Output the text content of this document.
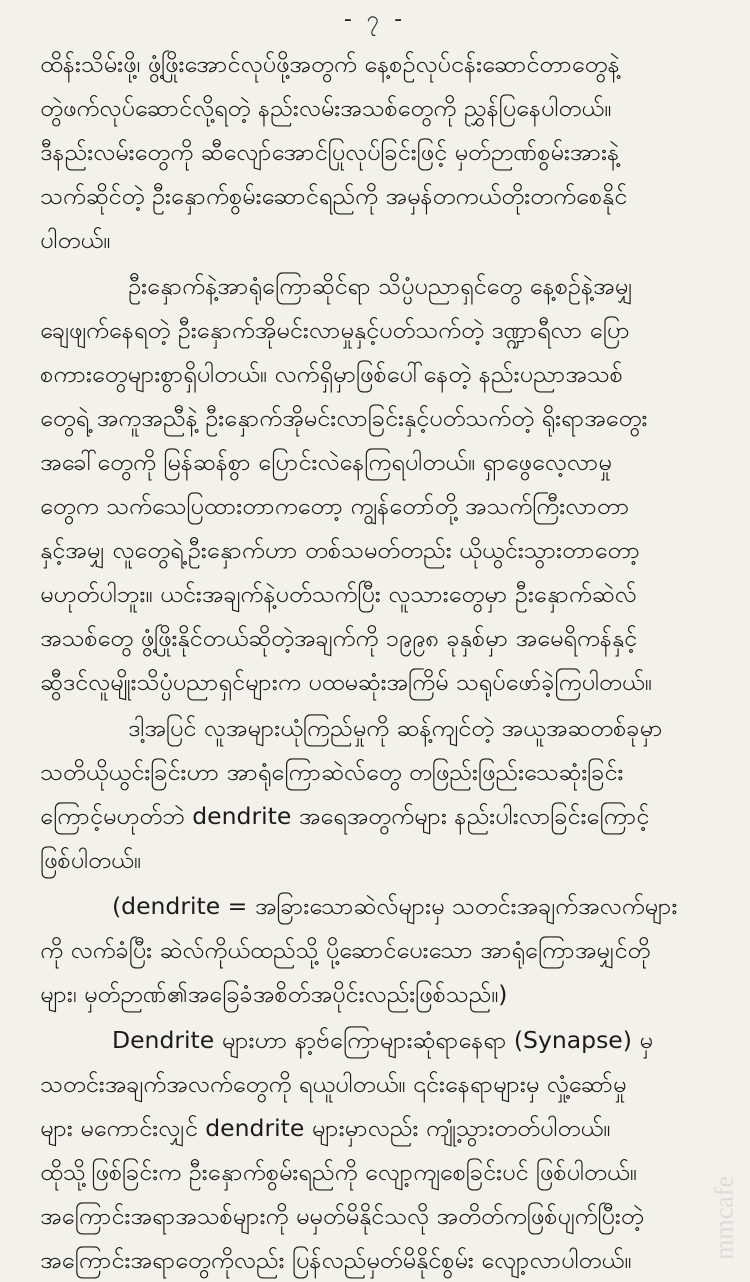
- ၇ -
ထိန်းသိမ်းဖို့၊ ဖွံ့ဖြိုးအောင်လုပ်ဖို့အတွက် နေ့စဉ်လုပ်ငန်းဆောင်တာတွေနဲ့
တွဲဖက်လုပ်ဆောင်လို့ရတဲ့ နည်းလမ်းအသစ်တွေကို ညွှန်ပြနေပါတယ်။
ဒီနည်းလမ်းတွေကို ဆီလျော်အောင်ပြုလုပ်ခြင်းဖြင့် မှတ်ဉာဏ်စွမ်းအားနဲ့
သက်ဆိုင်တဲ့ ဦးနှောက်စွမ်းဆောင်ရည်ကို အမှန်တကယ်တိုးတက်စေနိုင်
ပါတယ်။
ဦးနှောက်နဲ့အာရုံကြောဆိုင်ရာ သိပ္ပံပညာရှင်တွေ နေ့စဉ်နဲ့အမျှ
ချေဖျက်နေရတဲ့ ဦးနှောက်အိုမင်းလာမှုနှင့်ပတ်သက်တဲ့ ဒဏ္ဍာရီလာ ပြော
စကားတွေများစွာရှိပါတယ်။ လက်ရှိမှာဖြစ်ပေါ်နေတဲ့ နည်းပညာအသစ်
တွေရဲ့ အကူအညီနဲ့ ဦးနှောက်အိုမင်းလာခြင်းနှင့်ပတ်သက်တဲ့ ရိုးရာအတွေး
အခေါ်တွေကို မြန်ဆန်စွာ ပြောင်းလဲနေကြရပါတယ်။ ရှာဖွေလေ့လာမှု
တွေက သက်သေပြထားတာကတော့ ကျွန်တော်တို့ အသက်ကြီးလာတာ
နှင့်အမျှ လူတွေရဲ့ဦးနှောက်ဟာ တစ်သမတ်တည်း ယိုယွင်းသွားတာတော့
မဟုတ်ပါဘူး။ ယင်းအချက်နဲ့ပတ်သက်ပြီး လူသားတွေမှာ ဦးနှောက်ဆဲလ်
အသစ်တွေ ဖွံ့ဖြိုးနိုင်တယ်ဆိုတဲ့အချက်ကို ၁၉၉၈ ခုနှစ်မှာ အမေရိကန်နှင့်
ဆွီဒင်လူမျိုးသိပ္ပံပညာရှင်များက ပထမဆုံးအကြိမ် သရုပ်ဖော်ခဲ့ကြပါတယ်။
ဒါ့အပြင် လူအများယုံကြည်မှုကို ဆန့်ကျင်တဲ့ အယူအဆတစ်ခုမှာ
သတိယိုယွင်းခြင်းဟာ အာရုံကြောဆဲလ်တွေ တဖြည်းဖြည်းသေဆုံးခြင်း
ကြောင့်မဟုတ်ဘဲ dendrite အရေအတွက်များ နည်းပါးလာခြင်းကြောင့်
ဖြစ်ပါတယ်။
(dendrite = အခြားသောဆဲလ်များမှ သတင်းအချက်အလက်များ
ကို လက်ခံပြီး ဆဲလ်ကိုယ်ထည်သို့ ပို့ဆောင်ပေးသော အာရုံကြောအမျှင်တို
များ၊ မှတ်ဉာဏ်၏အခြေခံအစိတ်အပိုင်းလည်းဖြစ်သည်။)
Dendrite များဟာ နာ့ဗ်ကြောများဆုံရာနေရာ (Synapse) မှ
သတင်းအချက်အလက်တွေကို ရယူပါတယ်။ ၎င်းနေရာများမှ လှုံ့ဆော်မှု
များ မကောင်းလျှင် dendrite များမှာလည်း ကျုံ့သွားတတ်ပါတယ်။
ထိုသို့ဖြစ်ခြင်းက ဦးနှောက်စွမ်းရည်ကို လျော့ကျစေခြင်းပင် ဖြစ်ပါတယ်။
အကြောင်းအရာအသစ်များကို မမှတ်မိနိုင်သလို အတိတ်ကဖြစ်ပျက်ပြီးတဲ့
အကြောင်းအရာတွေကိုလည်း ပြန်လည်မှတ်မိနိုင်စွမ်း လျော့လာပါတယ်။
mmcafe
